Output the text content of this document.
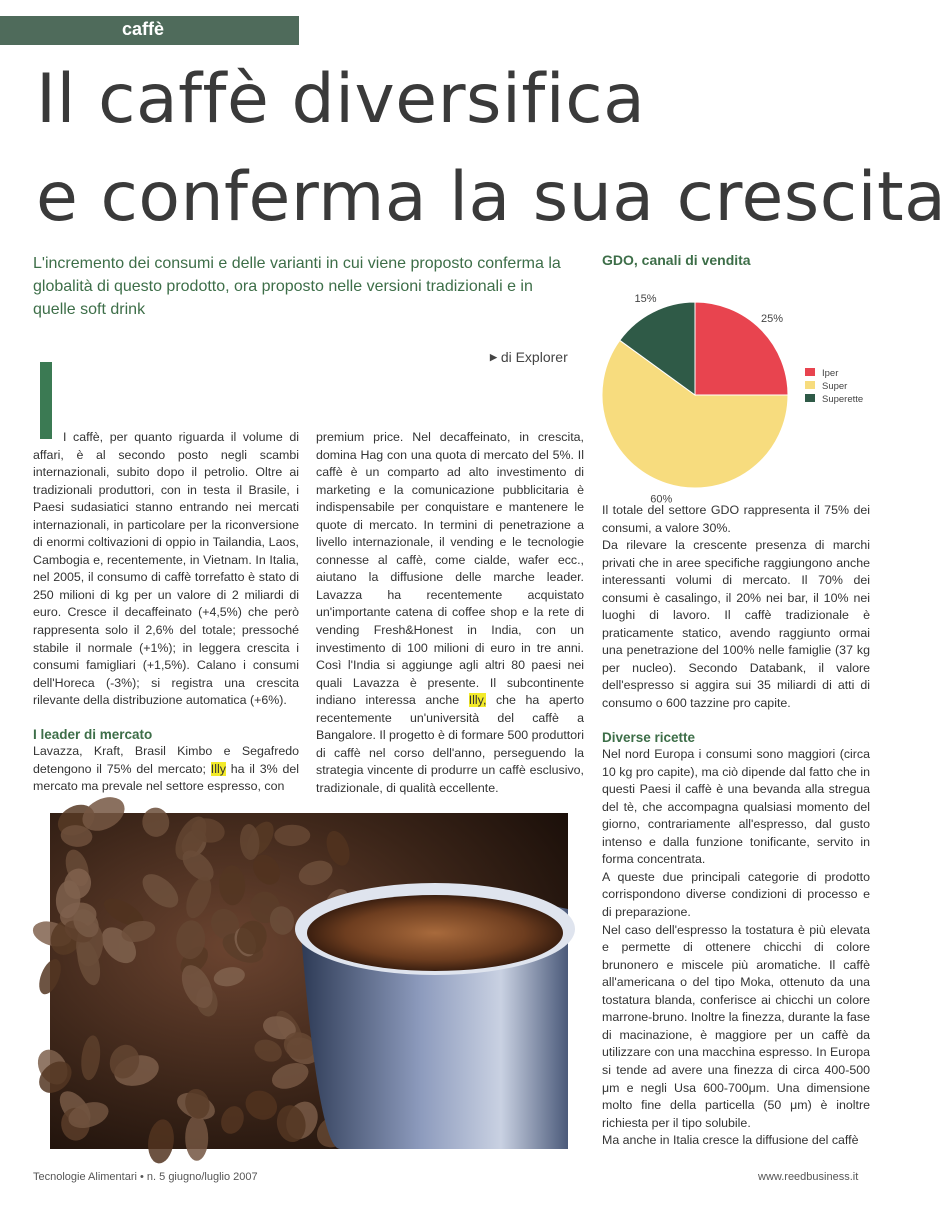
caffè
Il caffè diversifica
e conferma la sua crescita
L'incremento dei consumi e delle varianti in cui viene proposto conferma la globalità di questo prodotto, ora proposto nelle versioni tradizionali e in quelle soft drink
▶ di Explorer

I caffè, per quanto riguarda il volume di affari, è al secondo posto negli scambi internazionali, subito dopo il petrolio. Oltre ai tradizionali produttori, con in testa il Brasile, i Paesi sudasiatici stanno entrando nei mercati internazionali, in particolare per la riconversione di enormi coltivazioni di oppio in Tailandia, Laos, Cambogia e, recentemente, in Vietnam. In Italia, nel 2005, il consumo di caffè torrefatto è stato di 250 milioni di kg per un valore di 2 miliardi di euro. Cresce il decaffeinato (+4,5%) che però rappresenta solo il 2,6% del totale; pressoché stabile il normale (+1%); in leggera crescita i consumi famigliari (+1,5%). Calano i consumi dell'Horeca (-3%); si registra una crescita rilevante della distribuzione automatica (+6%).

I leader di mercato

Lavazza, Kraft, Brasil Kimbo e Segafredo detengono il 75% del mercato; Illy ha il 3% del mercato ma prevale nel settore espresso, con

premium price. Nel decaffeinato, in crescita, domina Hag con una quota di mercato del 5%. Il caffè è un comparto ad alto investimento di marketing e la comunicazione pubblicitaria è indispensabile per conquistare e mantenere le quote di mercato. In termini di penetrazione a livello internazionale, il vending e le tecnologie connesse al caffè, come cialde, wafer ecc., aiutano la diffusione delle marche leader. Lavazza ha recentemente acquistato un'importante catena di coffee shop e la rete di vending Fresh&Honest in India, con un investimento di 100 milioni di euro in tre anni. Così l'India si aggiunge agli altri 80 paesi nei quali Lavazza è presente. Il subcontinente indiano interessa anche Illy, che ha aperto recentemente un'università del caffè a Bangalore. Il progetto è di formare 500 produttori di caffè nel corso dell'anno, perseguendo la strategia vincente di produrre un caffè esclusivo, tradizionale, di qualità eccellente.

GDO, canali di vendita
25%
60%
15%
Iper
Super
Superette

Il totale del settore GDO rappresenta il 75% dei consumi, a valore 30%.

Da rilevare la crescente presenza di marchi privati che in aree specifiche raggiungono anche interessanti volumi di mercato. Il 70% dei consumi è casalingo, il 20% nei bar, il 10% nei luoghi di lavoro. Il caffè tradizionale è praticamente statico, avendo raggiunto ormai una penetrazione del 100% nelle famiglie (37 kg per nucleo). Secondo Databank, il valore dell'espresso si aggira sui 35 miliardi di atti di consumo o 600 tazzine pro capite.

Diverse ricette

Nel nord Europa i consumi sono maggiori (circa 10 kg pro capite), ma ciò dipende dal fatto che in questi Paesi il caffè è una bevanda alla stregua del tè, che accompagna qualsiasi momento del giorno, contrariamente all'espresso, dal gusto intenso e dalla funzione tonificante, servito in forma concentrata.

A queste due principali categorie di prodotto corrispondono diverse condizioni di processo e di preparazione.

Nel caso dell'espresso la tostatura è più elevata e permette di ottenere chicchi di colore brunonero e miscele più aromatiche. Il caffè all'americana o del tipo Moka, ottenuto da una tostatura blanda, conferisce ai chicchi un colore marrone-bruno. Inoltre la finezza, durante la fase di macinazione, è maggiore per un caffè da utilizzare con una macchina espresso. In Europa si tende ad avere una finezza di circa 400-500 μm e negli Usa 600-700μm. Una dimensione molto fine della particella (50 μm) è inoltre richiesta per il tipo solubile.

Ma anche in Italia cresce la diffusione del caffè

Tecnologie Alimentari • n. 5 giugno/luglio 2007	www.reedbusiness.it
